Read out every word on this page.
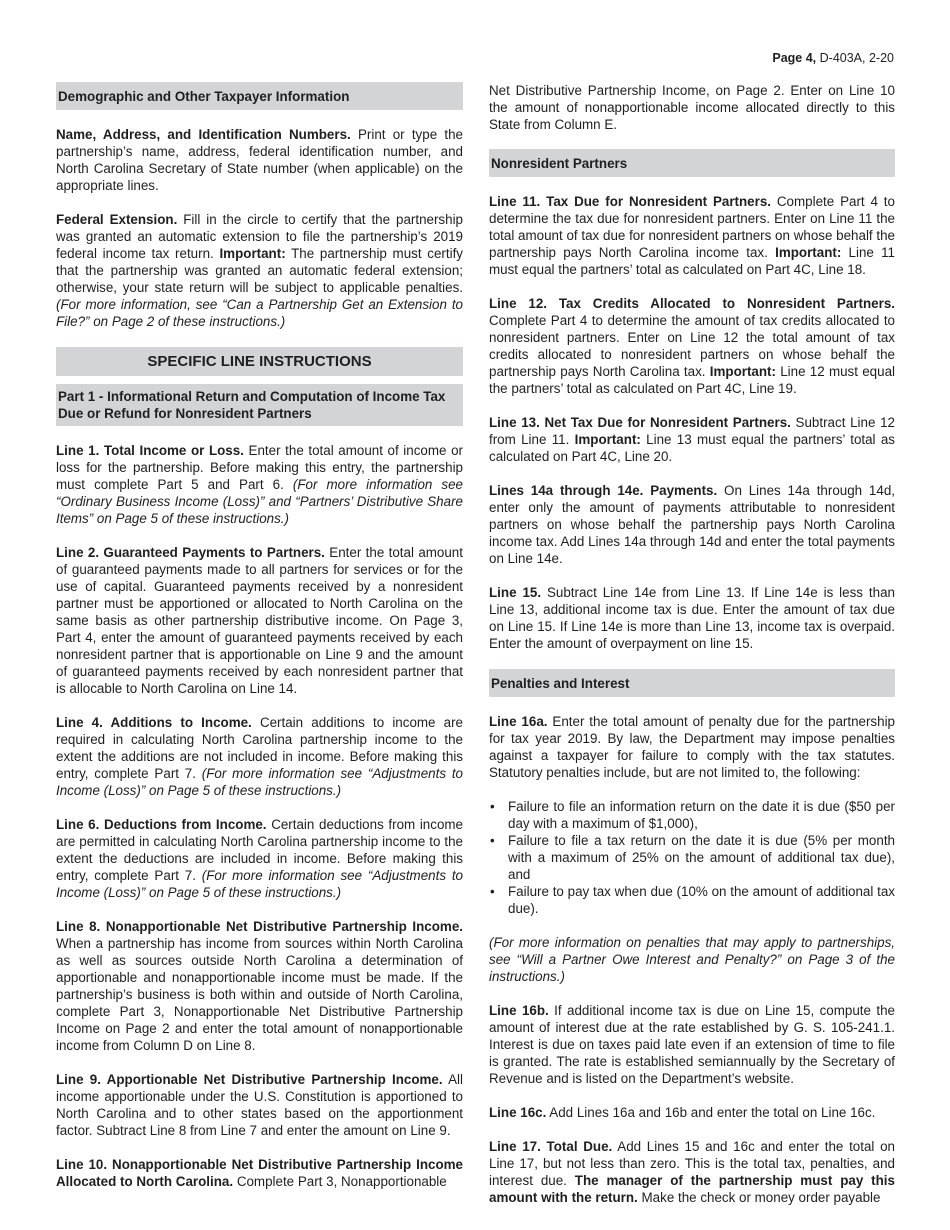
Page 4, D-403A, 2-20
Demographic and Other Taxpayer Information

Name, Address, and Identification Numbers. Print or type the partnership’s name, address, federal identification number, and North Carolina Secretary of State number (when applicable) on the appropriate lines.

Federal Extension. Fill in the circle to certify that the partnership was granted an automatic extension to file the partnership’s 2019 federal income tax return. Important: The partnership must certify that the partnership was granted an automatic federal extension; otherwise, your state return will be subject to applicable penalties. (For more information, see “Can a Partnership Get an Extension to File?” on Page 2 of these instructions.)

SPECIFIC LINE INSTRUCTIONS
Part 1 - Informational Return and Computation of Income Tax Due or Refund for Nonresident Partners

Line 1. Total Income or Loss. Enter the total amount of income or loss for the partnership. Before making this entry, the partnership must complete Part 5 and Part 6. (For more information see “Ordinary Business Income (Loss)” and “Partners’ Distributive Share Items” on Page 5 of these instructions.)

Line 2. Guaranteed Payments to Partners. Enter the total amount of guaranteed payments made to all partners for services or for the use of capital. Guaranteed payments received by a nonresident partner must be apportioned or allocated to North Carolina on the same basis as other partnership distributive income. On Page 3, Part 4, enter the amount of guaranteed payments received by each nonresident partner that is apportionable on Line 9 and the amount of guaranteed payments received by each nonresident partner that is allocable to North Carolina on Line 14.

Line 4. Additions to Income. Certain additions to income are required in calculating North Carolina partnership income to the extent the additions are not included in income. Before making this entry, complete Part 7. (For more information see “Adjustments to Income (Loss)” on Page 5 of these instructions.)

Line 6. Deductions from Income. Certain deductions from income are permitted in calculating North Carolina partnership income to the extent the deductions are included in income. Before making this entry, complete Part 7. (For more information see “Adjustments to Income (Loss)” on Page 5 of these instructions.)

Line 8. Nonapportionable Net Distributive Partnership Income. When a partnership has income from sources within North Carolina as well as sources outside North Carolina a determination of apportionable and nonapportionable income must be made. If the partnership’s business is both within and outside of North Carolina, complete Part 3, Nonapportionable Net Distributive Partnership Income on Page 2 and enter the total amount of nonapportionable income from Column D on Line 8.

Line 9. Apportionable Net Distributive Partnership Income. All income apportionable under the U.S. Constitution is apportioned to North Carolina and to other states based on the apportionment factor. Subtract Line 8 from Line 7 and enter the amount on Line 9.

Line 10. Nonapportionable Net Distributive Partnership Income Allocated to North Carolina. Complete Part 3, Nonapportionable

Net Distributive Partnership Income, on Page 2. Enter on Line 10 the amount of nonapportionable income allocated directly to this State from Column E.

Nonresident Partners

Line 11. Tax Due for Nonresident Partners. Complete Part 4 to determine the tax due for nonresident partners. Enter on Line 11 the total amount of tax due for nonresident partners on whose behalf the partnership pays North Carolina income tax. Important: Line 11 must equal the partners’ total as calculated on Part 4C, Line 18.

Line 12. Tax Credits Allocated to Nonresident Partners. Complete Part 4 to determine the amount of tax credits allocated to nonresident partners. Enter on Line 12 the total amount of tax credits allocated to nonresident partners on whose behalf the partnership pays North Carolina tax. Important: Line 12 must equal the partners’ total as calculated on Part 4C, Line 19.

Line 13. Net Tax Due for Nonresident Partners. Subtract Line 12 from Line 11. Important: Line 13 must equal the partners’ total as calculated on Part 4C, Line 20.

Lines 14a through 14e. Payments. On Lines 14a through 14d, enter only the amount of payments attributable to nonresident partners on whose behalf the partnership pays North Carolina income tax. Add Lines 14a through 14d and enter the total payments on Line 14e.

Line 15. Subtract Line 14e from Line 13. If Line 14e is less than Line 13, additional income tax is due. Enter the amount of tax due on Line 15. If Line 14e is more than Line 13, income tax is overpaid. Enter the amount of overpayment on line 15.

Penalties and Interest

Line 16a. Enter the total amount of penalty due for the partnership for tax year 2019. By law, the Department may impose penalties against a taxpayer for failure to comply with the tax statutes. Statutory penalties include, but are not limited to, the following:

• Failure to file an information return on the date it is due ($50 per day with a maximum of $1,000),
• Failure to file a tax return on the date it is due (5% per month with a maximum of 25% on the amount of additional tax due), and
• Failure to pay tax when due (10% on the amount of additional tax due).

(For more information on penalties that may apply to partnerships, see “Will a Partner Owe Interest and Penalty?” on Page 3 of the instructions.)

Line 16b. If additional income tax is due on Line 15, compute the amount of interest due at the rate established by G. S. 105-241.1. Interest is due on taxes paid late even if an extension of time to file is granted. The rate is established semiannually by the Secretary of Revenue and is listed on the Department’s website.

Line 16c. Add Lines 16a and 16b and enter the total on Line 16c.

Line 17. Total Due. Add Lines 15 and 16c and enter the total on Line 17, but not less than zero. This is the total tax, penalties, and interest due. The manager of the partnership must pay this amount with the return. Make the check or money order payable
